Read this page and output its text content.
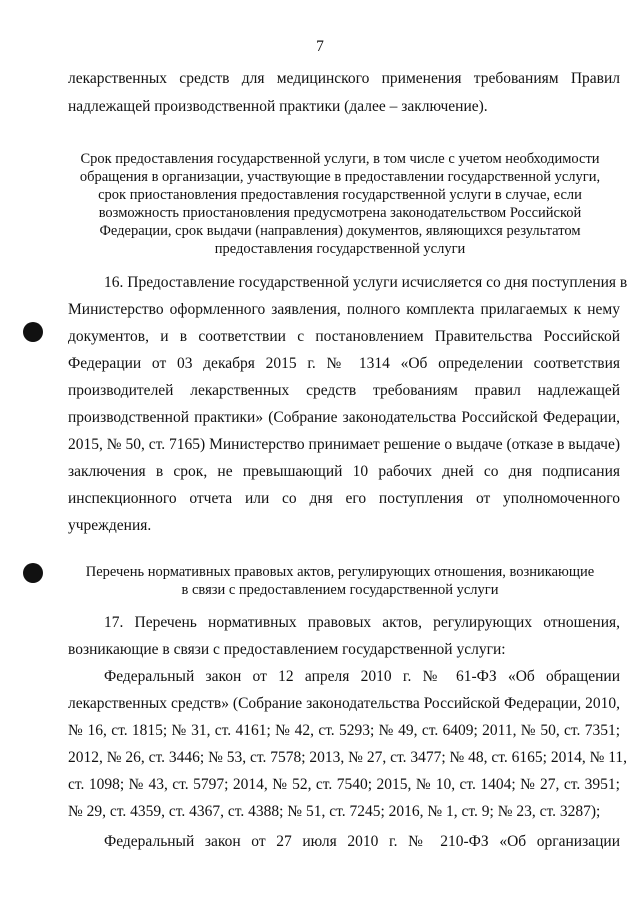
7
лекарственных средств для медицинского применения требованиям Правил
надлежащей производственной практики (далее – заключение).
Срок предоставления государственной услуги, в том числе с учетом необходимости
обращения в организации, участвующие в предоставлении государственной услуги,
срок приостановления предоставления государственной услуги в случае, если
возможность приостановления предусмотрена законодательством Российской
Федерации, срок выдачи (направления) документов, являющихся результатом
предоставления государственной услуги
16. Предоставление государственной услуги исчисляется со дня поступления в
Министерство оформленного заявления, полного комплекта прилагаемых к нему
документов, и в соответствии с постановлением Правительства Российской
Федерации от 03 декабря 2015 г. № 1314 «Об определении соответствия
производителей лекарственных средств требованиям правил надлежащей
производственной практики» (Собрание законодательства Российской Федерации,
2015, № 50, ст. 7165) Министерство принимает решение о выдаче (отказе в выдаче)
заключения в срок, не превышающий 10 рабочих дней со дня подписания
инспекционного отчета или со дня его поступления от уполномоченного
учреждения.
Перечень нормативных правовых актов, регулирующих отношения, возникающие
в связи с предоставлением государственной услуги
17. Перечень нормативных правовых актов, регулирующих отношения,
возникающие в связи с предоставлением государственной услуги:
Федеральный закон от 12 апреля 2010 г. № 61-ФЗ «Об обращении
лекарственных средств» (Собрание законодательства Российской Федерации, 2010,
№ 16, ст. 1815; № 31, ст. 4161; № 42, ст. 5293; № 49, ст. 6409; 2011, № 50, ст. 7351;
2012, № 26, ст. 3446; № 53, ст. 7578; 2013, № 27, ст. 3477; № 48, ст. 6165; 2014, № 11,
ст. 1098; № 43, ст. 5797; 2014, № 52, ст. 7540; 2015, № 10, ст. 1404; № 27, ст. 3951;
№ 29, ст. 4359, ст. 4367, ст. 4388; № 51, ст. 7245; 2016, № 1, ст. 9; № 23, ст. 3287);
Федеральный закон от 27 июля 2010 г. № 210-ФЗ «Об организации
